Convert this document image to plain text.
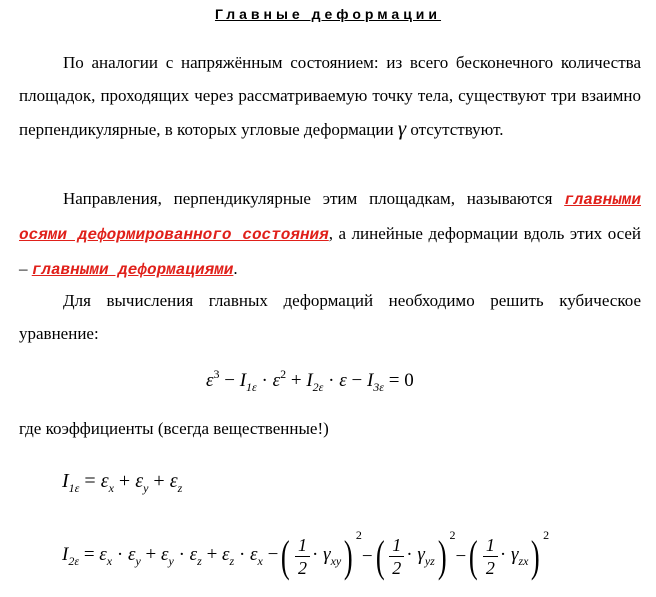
Главные деформации
По аналогии с напряжённым состоянием: из всего бесконечного количества площадок, проходящих через рассматриваемую точку тела, существуют три взаимно перпендикулярные, в которых угловые деформации γ отсутствуют.
Направления, перпендикулярные этим площадкам, называются главными осями деформированного состояния, а линейные деформации вдоль этих осей – главными деформациями.
Для вычисления главных деформаций необходимо решить кубическое уравнение:
$\varepsilon^3 - I_{1\varepsilon} \cdot \varepsilon^2 + I_{2\varepsilon} \cdot \varepsilon - I_{3\varepsilon} = 0$
где коэффициенты (всегда вещественные!)
$I_{1\varepsilon} = \varepsilon_x + \varepsilon_y + \varepsilon_z$
$I_{2\varepsilon} = \varepsilon_x \cdot \varepsilon_y + \varepsilon_y \cdot \varepsilon_z + \varepsilon_z \cdot \varepsilon_x$ −( $\frac{1}{2} \cdot \gamma_{xy}$) $^2-( \frac{1}{2} \cdot \gamma_{yz})$ $^2-( \frac{1}{2} \cdot \gamma_{zx})$ $^2$
